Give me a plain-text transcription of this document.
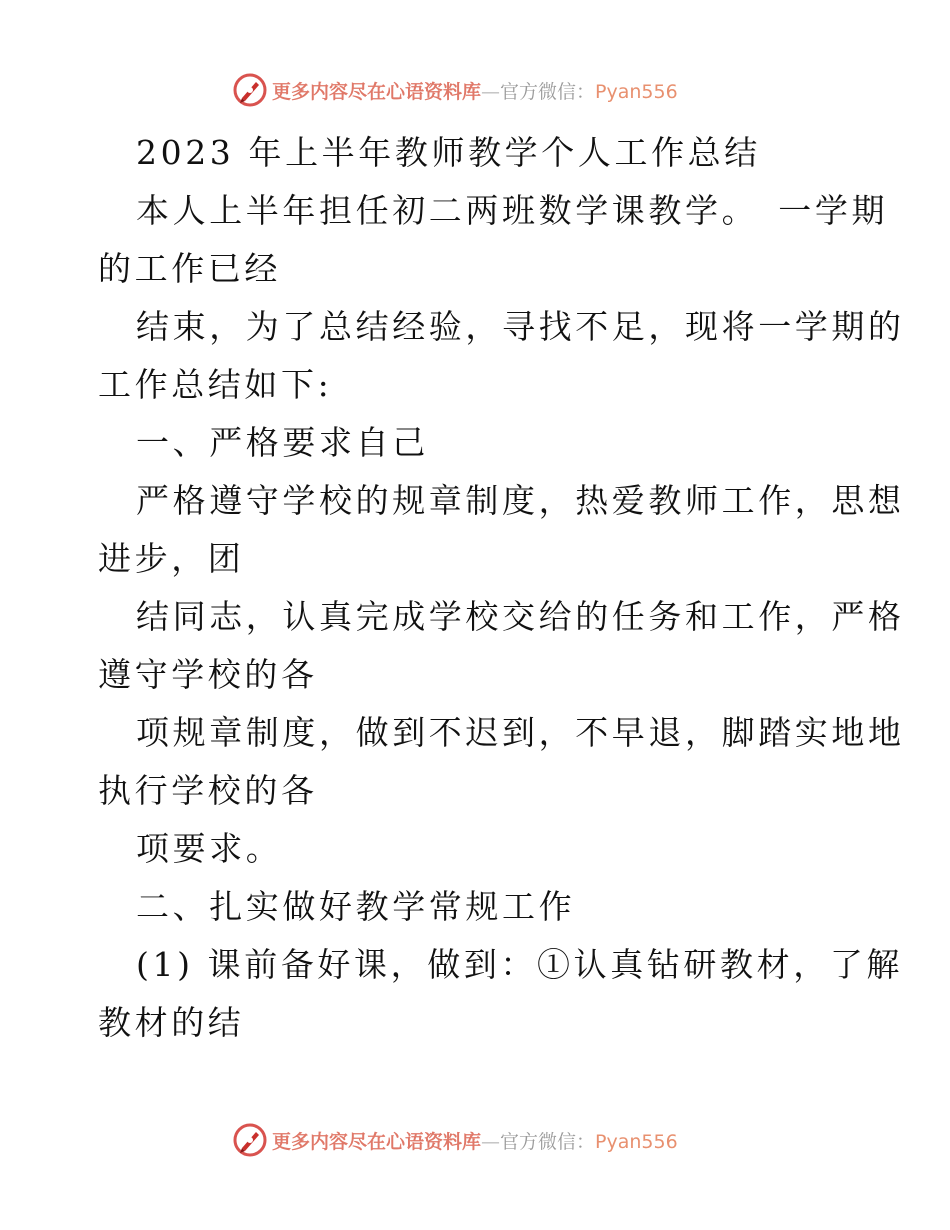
更多内容尽在心语资料库—官方微信：Pyan556

2023 年上半年教师教学个人工作总结

本人上半年担任初二两班数学课教学。　一学期

的工作已经

结束，为了总结经验，寻找不足，现将一学期的

工作总结如下:

一、严格要求自己

严格遵守学校的规章制度，热爱教师工作，思想

进步，团

结同志，认真完成学校交给的任务和工作，严格

遵守学校的各

项规章制度，做到不迟到，不早退，脚踏实地地

执行学校的各

项要求。

二、扎实做好教学常规工作

(1) 课前备好课，做到：①认真钻研教材，了解

教材的结

更多内容尽在心语资料库—官方微信：Pyan556
